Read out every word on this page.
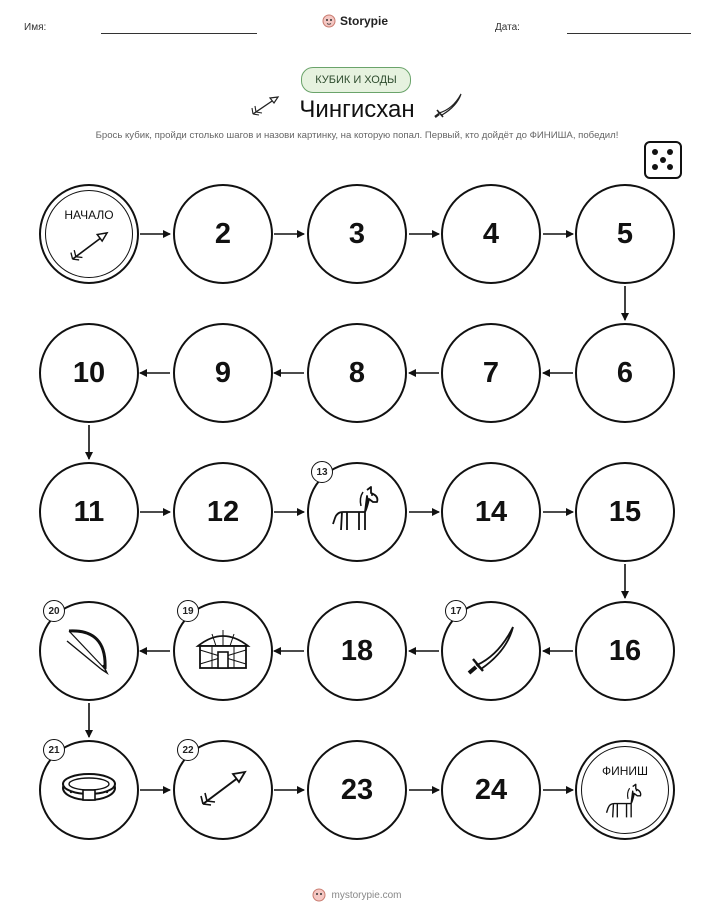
Имя:	Storypie	Дата:
КУБИК И ХОДЫ
Чингисхан
Брось кубик, пройди столько шагов и назови картинку, на которую попал. Первый, кто дойдёт до ФИНИША, победил!
НАЧАЛО
2	3	4	5
6
7
8
9
10
11	12
13
14	15
16
17
18
19
20
21	22
23	24
ФИНИШ
mystorypie.com
